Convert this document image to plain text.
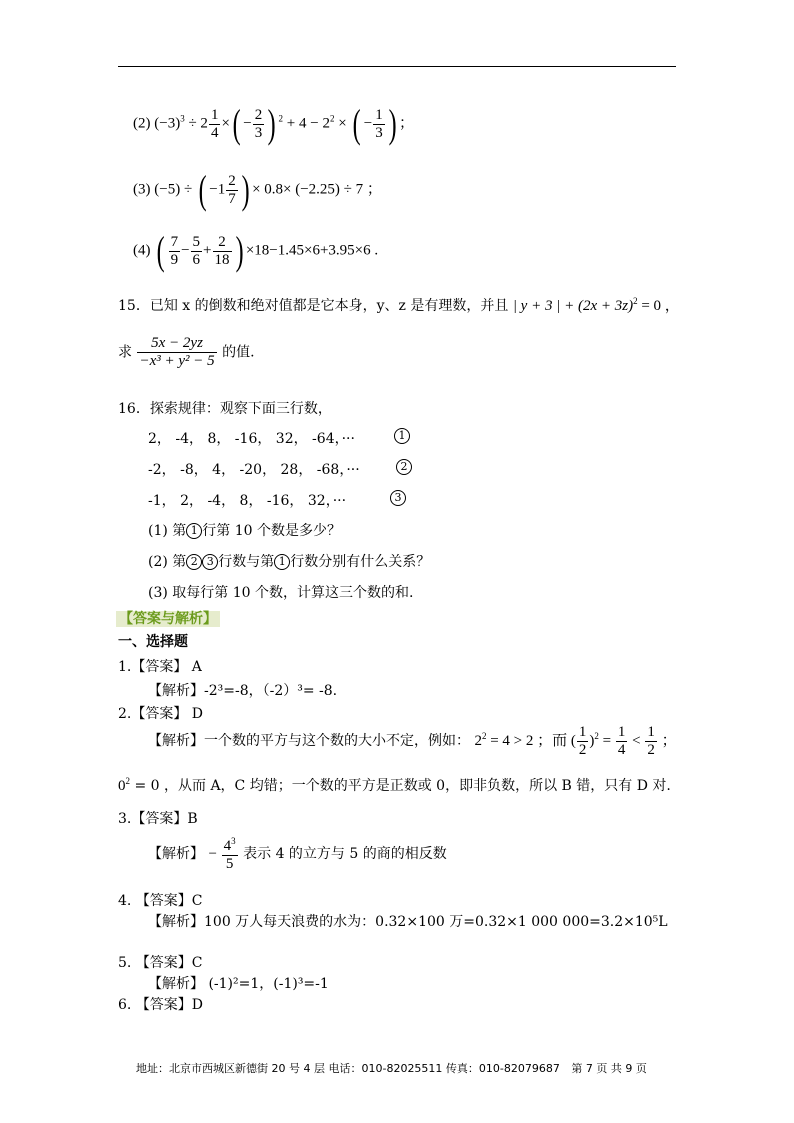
(2) $(-3)^3 \div 2 \frac{1}{4}$ ×( − $\frac{2}{3}$ ) $^2 + 4 - 2^2$ × ( − $\frac{1}{3}$ ) ；
(3) (−5) ÷ ( $-1 \frac{2}{7}$ ) × 0.8× (−2.25) ÷ 7 ；
(4) ( $\frac{7}{9} - \frac{5}{6} + \frac{2}{18}$ ) ×18−1.45×6+3.95×6 .
15．已知 x 的倒数和绝对值都是它本身，y、z 是有理数，并且 | y + 3 | + $(2x + 3z)^2 = 0$ ，
求 $\frac{5x - 2yz}{\text{−x³ + y² − 5}}$ 的值.
16．探索规律：观察下面三行数，
2， -4， 8， -16， 32， -64，···	1
-2， -8， 4， -20， 28， -68，···	2
-1， 2， -4， 8， -16， 32，···	3
(1) 第 1 行第 10 个数是多少？
(2) 第 2 3 行数与第 1 行数分别有什么关系？
(3) 取每行第 10 个数，计算这三个数的和.
【答案与解析】
一、选择题
1.【答案】 A
【解析】-2³=-8，（-2）³= -8.
2.【答案】 D
【解析】一个数的平方与这个数的大小不定，例如： $2^2 = 4 > 2$ ；而 ( $\frac{1}{2} )^2 = \frac{1}{4} < \frac{1}{2}$ ；
$0^2 = 0$ ，从而 A，C 均错；一个数的平方是正数或 0，即非负数，所以 B 错，只有 D 对.
3.【答案】B
【解析】 − $\frac{4^3}{5}$ 表示 4 的立方与 5 的商的相反数
4. 【答案】C
【解析】100 万人每天浪费的水为：0.32×100 万=0.32×1 000 000=3.2×10⁵L
5. 【答案】C
【解析】 (-1)²=1，(-1)³=-1
6. 【答案】D
地址：北京市西城区新德街 20 号 4 层 电话：010-82025511 传真：010-82079687 第 7 页 共 9 页
